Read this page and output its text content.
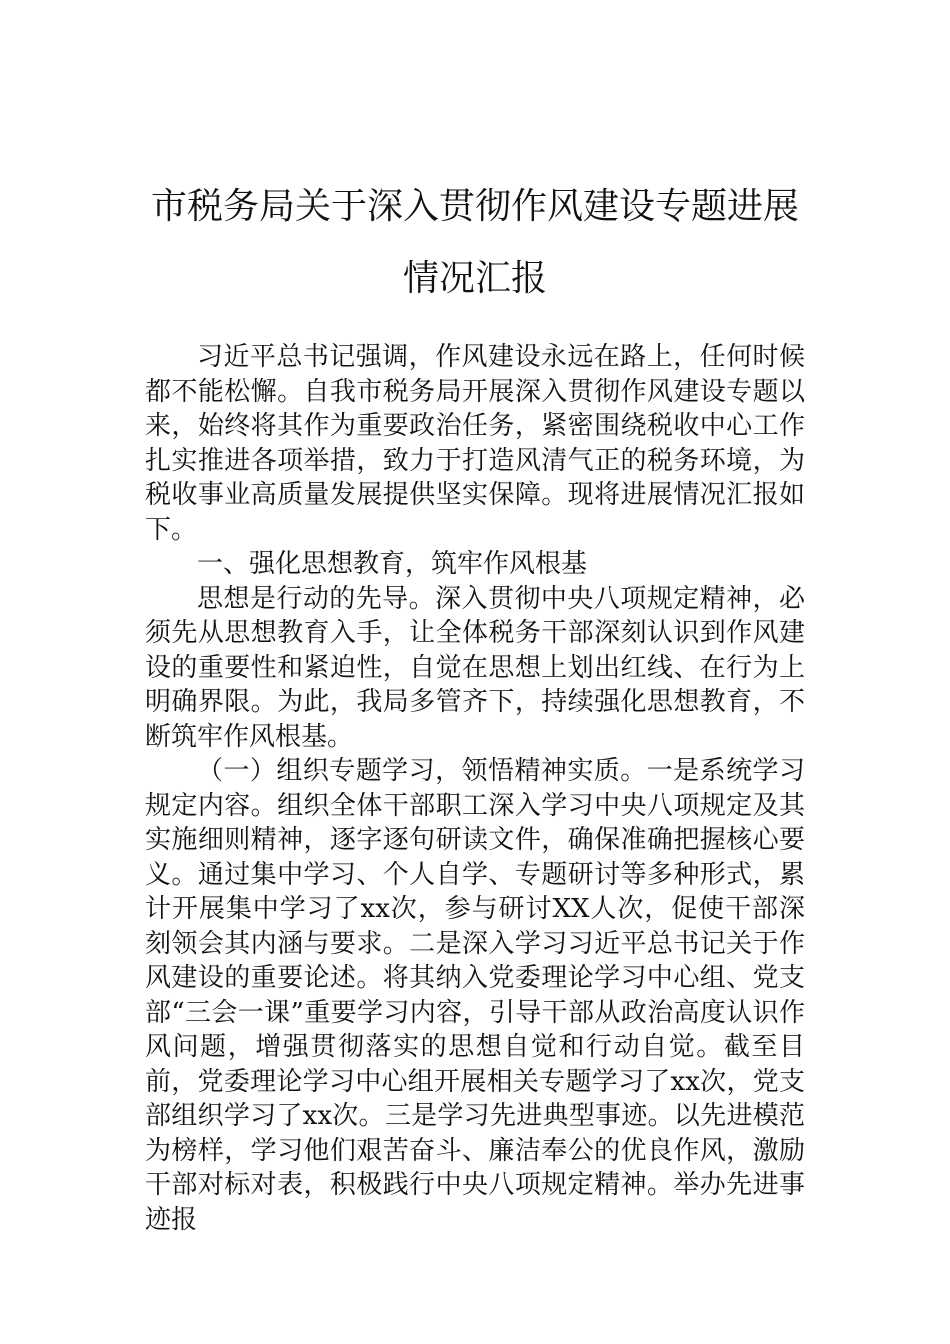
市税务局关于深入贯彻作风建设专题进展
情况汇报

习近平总书记强调，作风建设永远在路上，任何时候都不能松懈。自我市税务局开展深入贯彻作风建设专题以来，始终将其作为重要政治任务，紧密围绕税收中心工作扎实推进各项举措，致力于打造风清气正的税务环境，为税收事业高质量发展提供坚实保障。现将进展情况汇报如下。

一、强化思想教育，筑牢作风根基

思想是行动的先导。深入贯彻中央八项规定精神，必须先从思想教育入手，让全体税务干部深刻认识到作风建设的重要性和紧迫性，自觉在思想上划出红线、在行为上明确界限。为此，我局多管齐下，持续强化思想教育，不断筑牢作风根基。

（一）组织专题学习，领悟精神实质。一是系统学习规定内容。组织全体干部职工深入学习中央八项规定及其实施细则精神，逐字逐句研读文件，确保准确把握核心要义。通过集中学习、个人自学、专题研讨等多种形式，累计开展集中学习了xx次，参与研讨XX人次，促使干部深刻领会其内涵与要求。二是深入学习习近平总书记关于作风建设的重要论述。将其纳入党委理论学习中心组、党支部“三会一课”重要学习内容，引导干部从政治高度认识作风问题，增强贯彻落实的思想自觉和行动自觉。截至目前，党委理论学习中心组开展相关专题学习了xx次，党支部组织学习了xx次。三是学习先进典型事迹。以先进模范为榜样，学习他们艰苦奋斗、廉洁奉公的优良作风，激励干部对标对表，积极践行中央八项规定精神。举办先进事迹报
